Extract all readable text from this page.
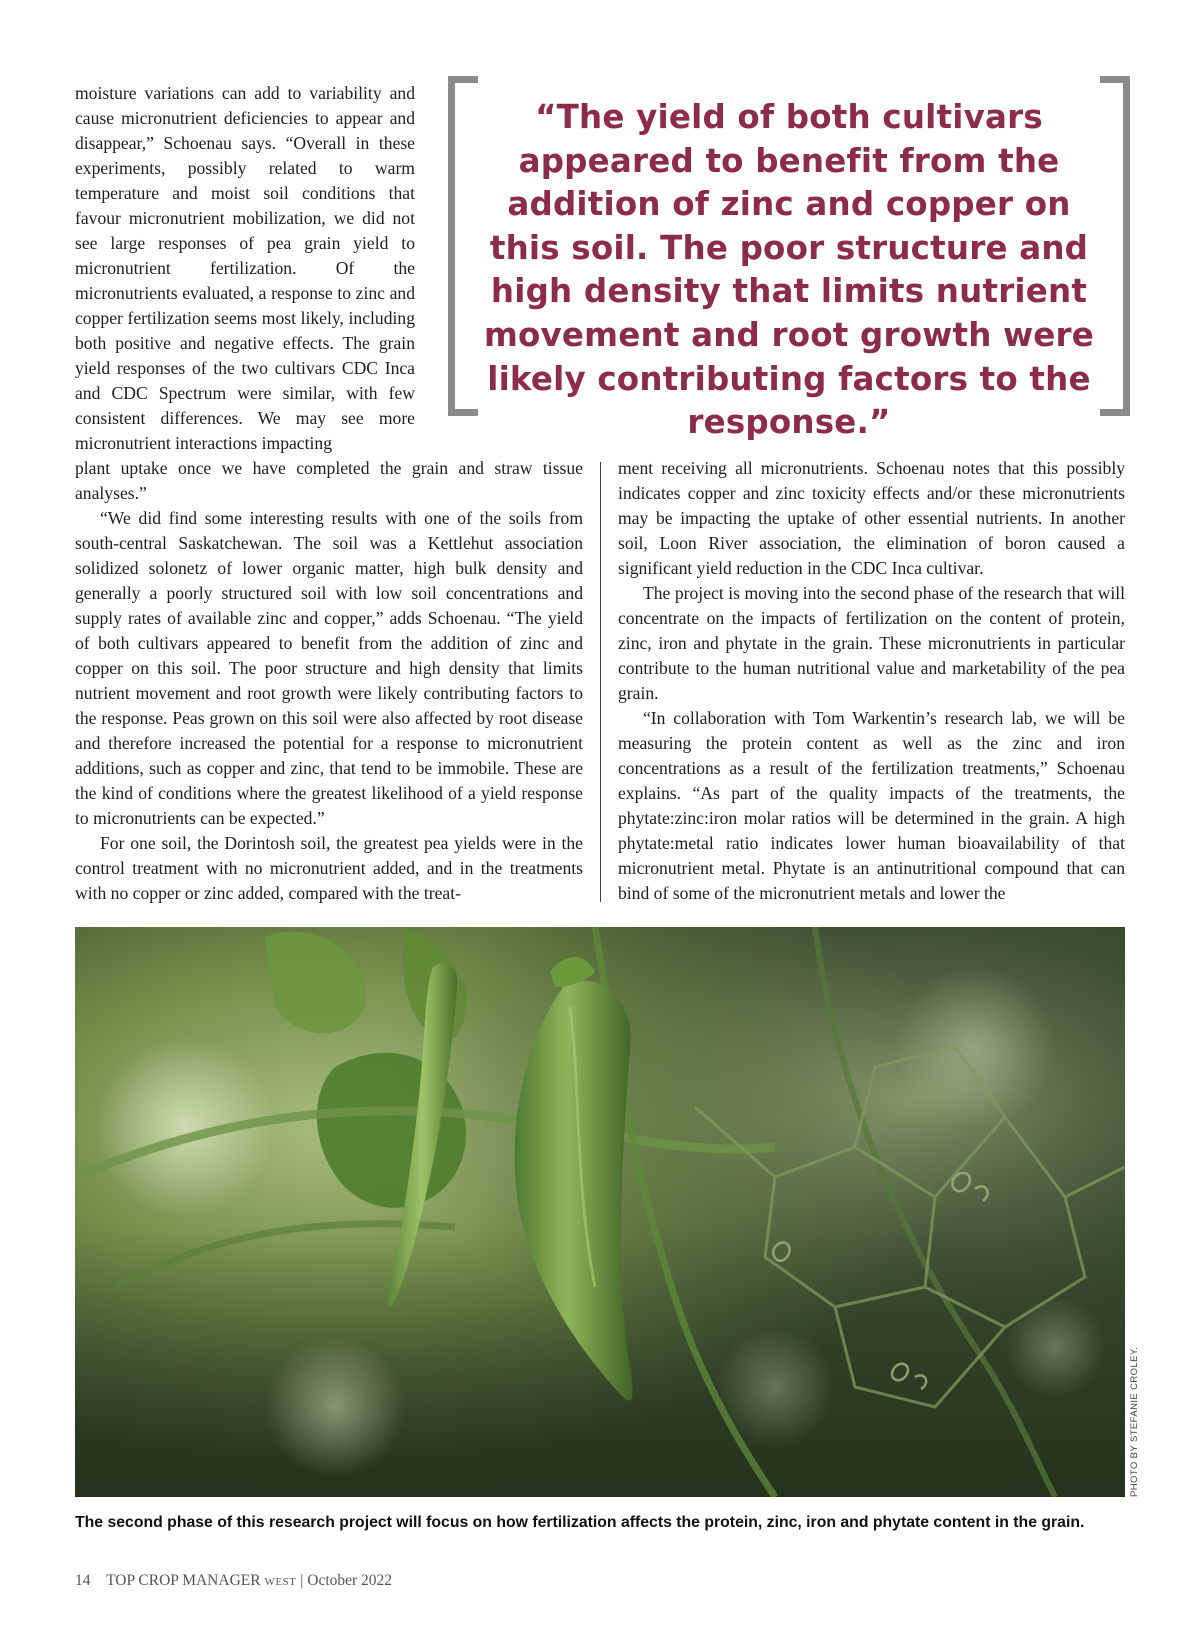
moisture variations can add to variability and cause micronutrient deficiencies to appear and disappear,” Schoenau says. “Overall in these experiments, possibly related to warm temperature and moist soil conditions that favour micronutrient mobilization, we did not see large responses of pea grain yield to micronutrient fertilization. Of the micronutrients evaluated, a response to zinc and copper fertilization seems most likely, including both positive and negative effects. The grain yield responses of the two cultivars CDC Inca and CDC Spectrum were similar, with few consistent differences. We may see more micronutrient interactions impacting

“The yield of both cultivars appeared to benefit from the addition of zinc and copper on this soil. The poor structure and high density that limits nutrient movement and root growth were likely contributing factors to the response.”

plant uptake once we have completed the grain and straw tissue analyses.”

“We did find some interesting results with one of the soils from south-central Saskatchewan. The soil was a Kettlehut association solidized solonetz of lower organic matter, high bulk density and generally a poorly structured soil with low soil concentrations and supply rates of available zinc and copper,” adds Schoenau. “The yield of both cultivars appeared to benefit from the addition of zinc and copper on this soil. The poor structure and high density that limits nutrient movement and root growth were likely contributing factors to the response. Peas grown on this soil were also affected by root disease and therefore increased the potential for a response to micronutrient additions, such as copper and zinc, that tend to be immobile. These are the kind of conditions where the greatest likelihood of a yield response to micronutrients can be expected.”

For one soil, the Dorintosh soil, the greatest pea yields were in the control treatment with no micronutrient added, and in the treatments with no copper or zinc added, compared with the treat-

ment receiving all micronutrients. Schoenau notes that this possibly indicates copper and zinc toxicity effects and/or these micronutrients may be impacting the uptake of other essential nutrients. In another soil, Loon River association, the elimination of boron caused a significant yield reduction in the CDC Inca cultivar.

The project is moving into the second phase of the research that will concentrate on the impacts of fertilization on the content of protein, zinc, iron and phytate in the grain. These micronutrients in particular contribute to the human nutritional value and marketability of the pea grain.

“In collaboration with Tom Warkentin’s research lab, we will be measuring the protein content as well as the zinc and iron concentrations as a result of the fertilization treatments,” Schoenau explains. “As part of the quality impacts of the treatments, the phytate:zinc:iron molar ratios will be determined in the grain. A high phytate:metal ratio indicates lower human bioavailability of that micronutrient metal. Phytate is an antinutritional compound that can bind of some of the micronutrient metals and lower the

PHOTO BY STEFANIE CROLEY.
The second phase of this research project will focus on how fertilization affects the protein, zinc, iron and phytate content in the grain.
14 TOP CROP MANAGER WEST | October 2022
